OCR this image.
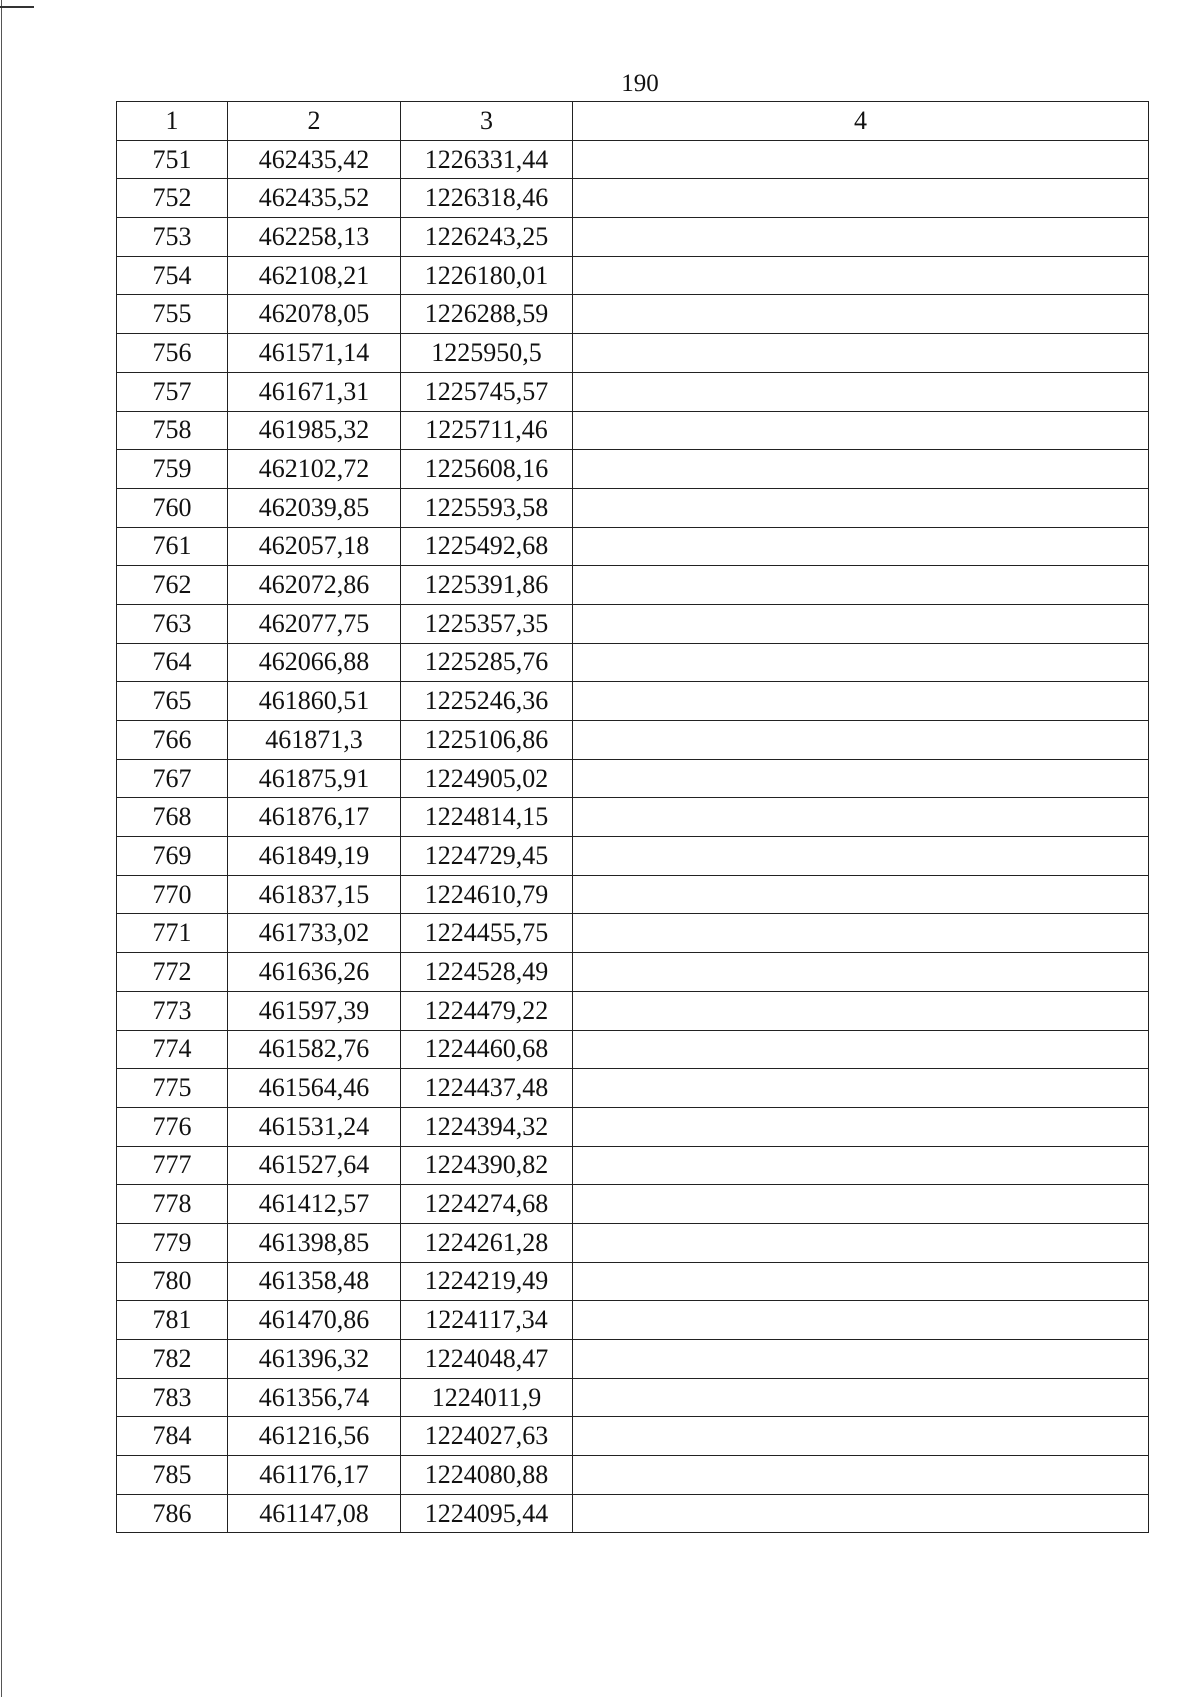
190
1	2	3	4
751	462435,42	1226331,44	
752	462435,52	1226318,46	
753	462258,13	1226243,25	
754	462108,21	1226180,01	
755	462078,05	1226288,59	
756	461571,14	1225950,5	
757	461671,31	1225745,57	
758	461985,32	1225711,46	
759	462102,72	1225608,16	
760	462039,85	1225593,58	
761	462057,18	1225492,68	
762	462072,86	1225391,86	
763	462077,75	1225357,35	
764	462066,88	1225285,76	
765	461860,51	1225246,36	
766	461871,3	1225106,86	
767	461875,91	1224905,02	
768	461876,17	1224814,15	
769	461849,19	1224729,45	
770	461837,15	1224610,79	
771	461733,02	1224455,75	
772	461636,26	1224528,49	
773	461597,39	1224479,22	
774	461582,76	1224460,68	
775	461564,46	1224437,48	
776	461531,24	1224394,32	
777	461527,64	1224390,82	
778	461412,57	1224274,68	
779	461398,85	1224261,28	
780	461358,48	1224219,49	
781	461470,86	1224117,34	
782	461396,32	1224048,47	
783	461356,74	1224011,9	
784	461216,56	1224027,63	
785	461176,17	1224080,88	
786	461147,08	1224095,44	
